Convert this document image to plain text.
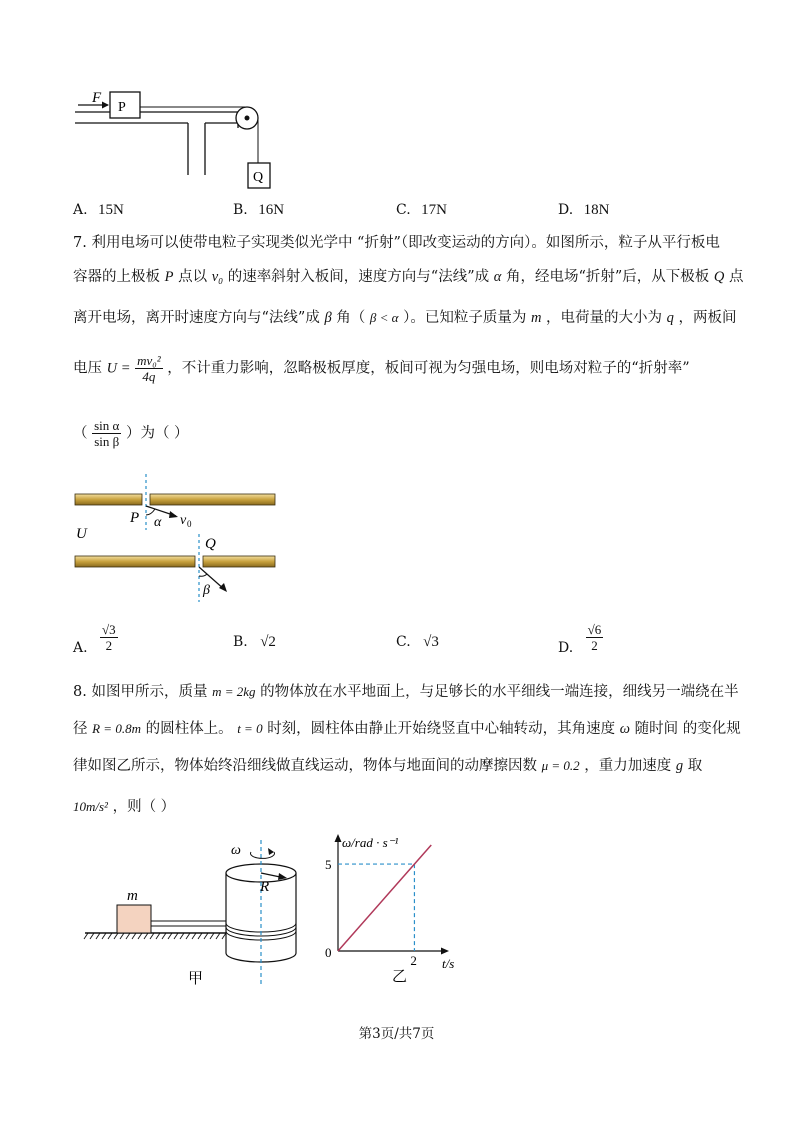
F
P
Q
A. 15N	B. 16N	C. 17N	D. 18N
7. 利用电场可以使带电粒子实现类似光学中 “折射”（即改变运动的方向）。如图所示，粒子从平行板电
容器的上极板 P 点以 v₀ 的速率斜射入板间，速度方向与“法线”成 α 角，经电场“折射”后，从下极板 Q 点
离开电场，离开时速度方向与“法线”成 β 角（ β < α ）。已知粒子质量为 m ，电荷量的大小为 q ，两板间
电压 $U = \frac{\text{mv₀²}}{4q}$ ，不计重力影响，忽略极板厚度，板间可视为匀强电场，则电场对粒子的“折射率”
（ $\frac{\text{sin α}}{\text{sin β}}$ ）为（ ）
U
P α v 0
Q
β
A. $\frac{√3}{2}$	B. √2	C. √3	D. $\frac{√6}{2}$
8. 如图甲所示，质量 m = 2kg 的物体放在水平地面上，与足够长的水平细线一端连接，细线另一端绕在半
径 R = 0.8m 的圆柱体上。 t = 0 时刻，圆柱体由静止开始绕竖直中心轴转动，其角速度 ω 随时间 的变化规
律如图乙所示，物体始终沿细线做直线运动，物体与地面间的动摩擦因数 μ = 0.2 ，重力加速度 g 取
10m/s² ，则（ ）
m
ω
R
甲
ω/rad · s⁻¹
t/s
5
2
0
乙
第3页/共7页
